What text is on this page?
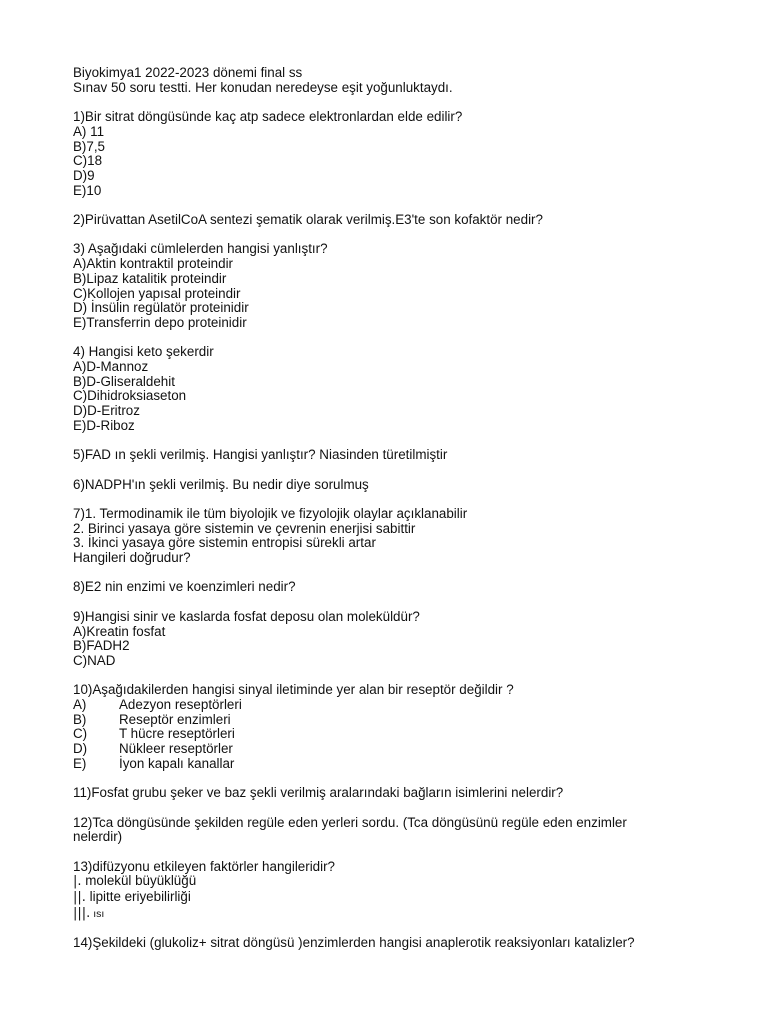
Biyokimya1 2022-2023 dönemi final ss
Sınav 50 soru testti. Her konudan neredeyse eşit yoğunluktaydı.
1)Bir sitrat döngüsünde kaç atp sadece elektronlardan elde edilir?
A) 11
B)7,5
C)18
D)9
E)10
2)Pirüvattan AsetilCoA sentezi şematik olarak verilmiş.E3'te son kofaktör nedir?
3) Aşağıdaki cümlelerden hangisi yanlıştır?
A)Aktin kontraktil proteindir
B)Lipaz katalitik proteindir
C)Kollojen yapısal proteindir
D) İnsülin regülatör proteinidir
E)Transferrin depo proteinidir
4) Hangisi keto şekerdir
A)D-Mannoz
B)D-Gliseraldehit
C)Dihidroksiaseton
D)D-Eritroz
E)D-Riboz
5)FAD ın şekli verilmiş. Hangisi yanlıştır? Niasinden türetilmiştir
6)NADPH'ın şekli verilmiş. Bu nedir diye sorulmuş
7)1. Termodinamik ile tüm biyolojik ve fizyolojik olaylar açıklanabilir
2. Birinci yasaya göre sistemin ve çevrenin enerjisi sabittir
3. İkinci yasaya göre sistemin entropisi sürekli artar
Hangileri doğrudur?
8)E2 nin enzimi ve koenzimleri nedir?
9)Hangisi sinir ve kaslarda fosfat deposu olan moleküldür?
A)Kreatin fosfat
B)FADH2
C)NAD
10)Aşağıdakilerden hangisi sinyal iletiminde yer alan bir reseptör değildir ?
A)	Adezyon reseptörleri
B)	Reseptör enzimleri
C)	T hücre reseptörleri
D)	Nükleer reseptörler
E)	İyon kapalı kanallar
11)Fosfat grubu şeker ve baz şekli verilmiş aralarındaki bağların isimlerini nelerdir?
12)Tca döngüsünde şekilden regüle eden yerleri sordu. (Tca döngüsünü regüle eden enzimler nelerdir)
13)difüzyonu etkileyen faktörler hangileridir?
|. molekül büyüklüğü
||. lipitte eriyebilirliği
|||. ısı
14)Şekildeki (glukoliz+ sitrat döngüsü )enzimlerden hangisi anaplerotik reaksiyonları katalizler?
